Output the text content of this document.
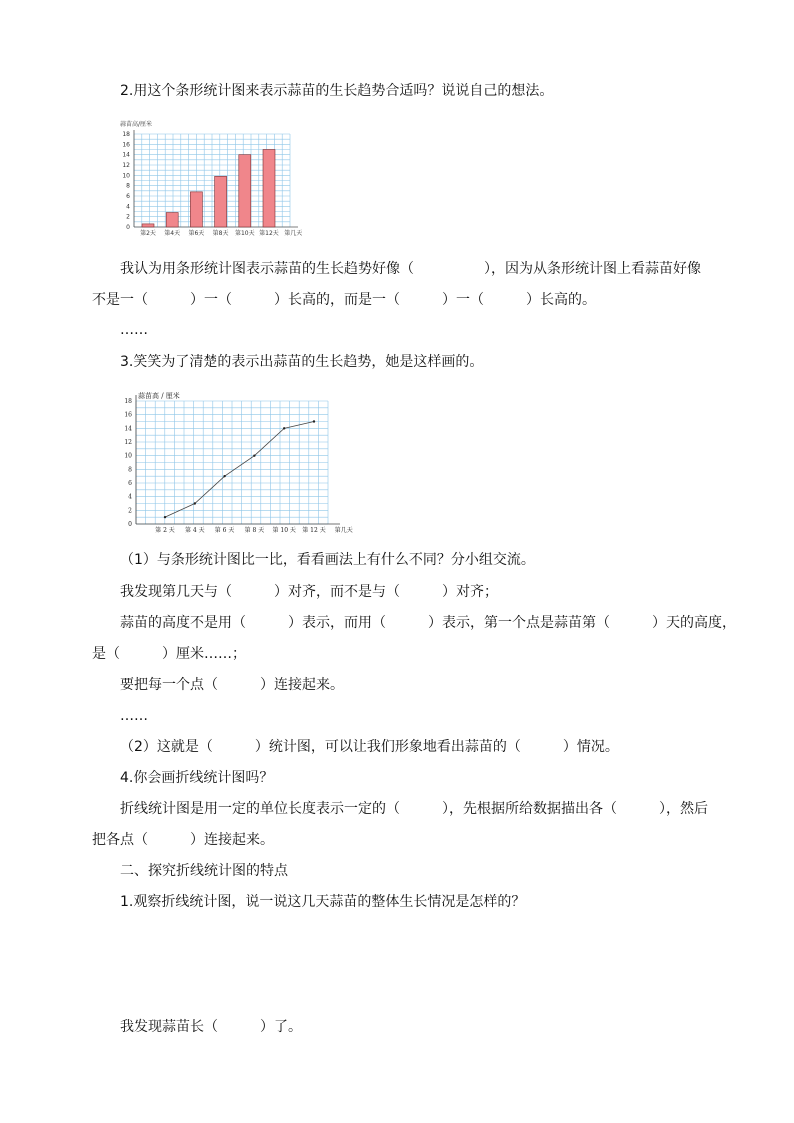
2.用这个条形统计图来表示蒜苗的生长趋势合适吗？说说自己的想法。
蒜苗高/厘米
0
2
4
6
8
10
12
14
16
18
第2天 第4天 第6天 第8天 第10天 第12天 第几天
我认为用条形统计图表示蒜苗的生长趋势好像（　　　　　），因为从条形统计图上看蒜苗好像
不是一（　　　）一（　　　）长高的，而是一（　　　）一（　　　）长高的。
……
3.笑笑为了清楚的表示出蒜苗的生长趋势，她是这样画的。
蒜苗高 / 厘米
0
2
4
6
8
10
12
14
16
18
第 2 天 第 4 天 第 6 天 第 8 天 第 10 天 第 12 天 第几天
（1）与条形统计图比一比，看看画法上有什么不同？分小组交流。
我发现第几天与（　　　）对齐，而不是与（　　　）对齐；
蒜苗的高度不是用（　　　）表示，而用（　　　）表示，第一个点是蒜苗第（　　　）天的高度，
是（　　　）厘米……；
要把每一个点（　　　）连接起来。
……
（2）这就是（　　　）统计图，可以让我们形象地看出蒜苗的（　　　）情况。
4.你会画折线统计图吗？
折线统计图是用一定的单位长度表示一定的（　　　），先根据所给数据描出各（　　　），然后
把各点（　　　）连接起来。
二、探究折线统计图的特点
1.观察折线统计图，说一说这几天蒜苗的整体生长情况是怎样的？
我发现蒜苗长（　　　）了。
